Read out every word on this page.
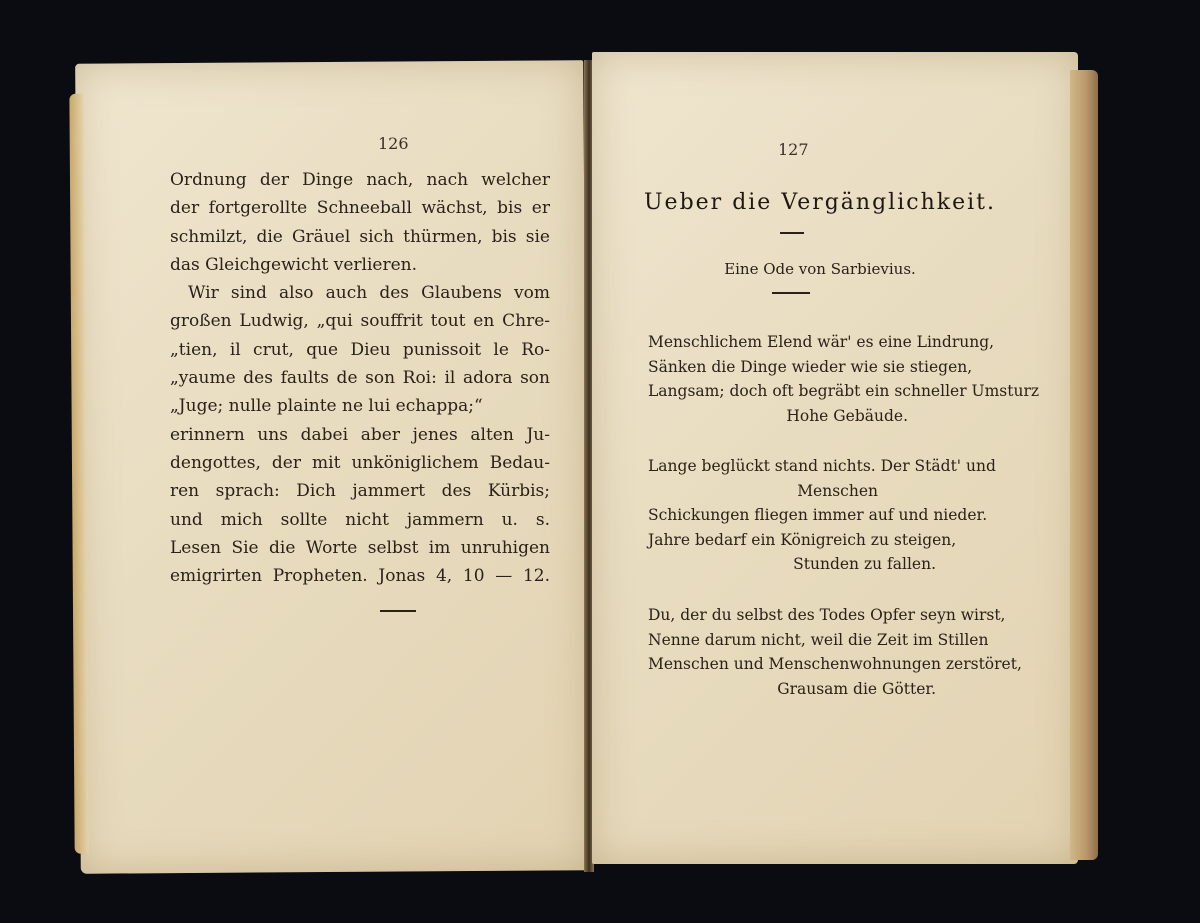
126
Ordnung der Dinge nach, nach welcher
der fortgerollte Schneeball wächst, bis er
schmilzt, die Gräuel sich thürmen, bis sie
das Gleichgewicht verlieren.
Wir sind also auch des Glaubens vom
großen Ludwig, „qui souffrit tout en Chre-
„tien, il crut, que Dieu punissoit le Ro-
„yaume des faults de son Roi: il adora son
„Juge; nulle plainte ne lui echappa;“
erinnern uns dabei aber jenes alten Ju-
dengottes, der mit unköniglichem Bedau-
ren sprach: Dich jammert des Kürbis;
und mich sollte nicht jammern u. s.
Lesen Sie die Worte selbst im unruhigen
emigrirten Propheten. Jonas 4, 10 — 12.
127
Ueber die Vergänglichkeit.
Eine Ode von Sarbievius.
Menschlichem Elend wär' es eine Lindrung,
Sänken die Dinge wieder wie sie stiegen,
Langsam; doch oft begräbt ein schneller Umsturz
Hohe Gebäude.
Lange beglückt stand nichts. Der Städt' und
Menschen
Schickungen fliegen immer auf und nieder.
Jahre bedarf ein Königreich zu steigen,
Stunden zu fallen.
Du, der du selbst des Todes Opfer seyn wirst,
Nenne darum nicht, weil die Zeit im Stillen
Menschen und Menschenwohnungen zerstöret,
Grausam die Götter.
